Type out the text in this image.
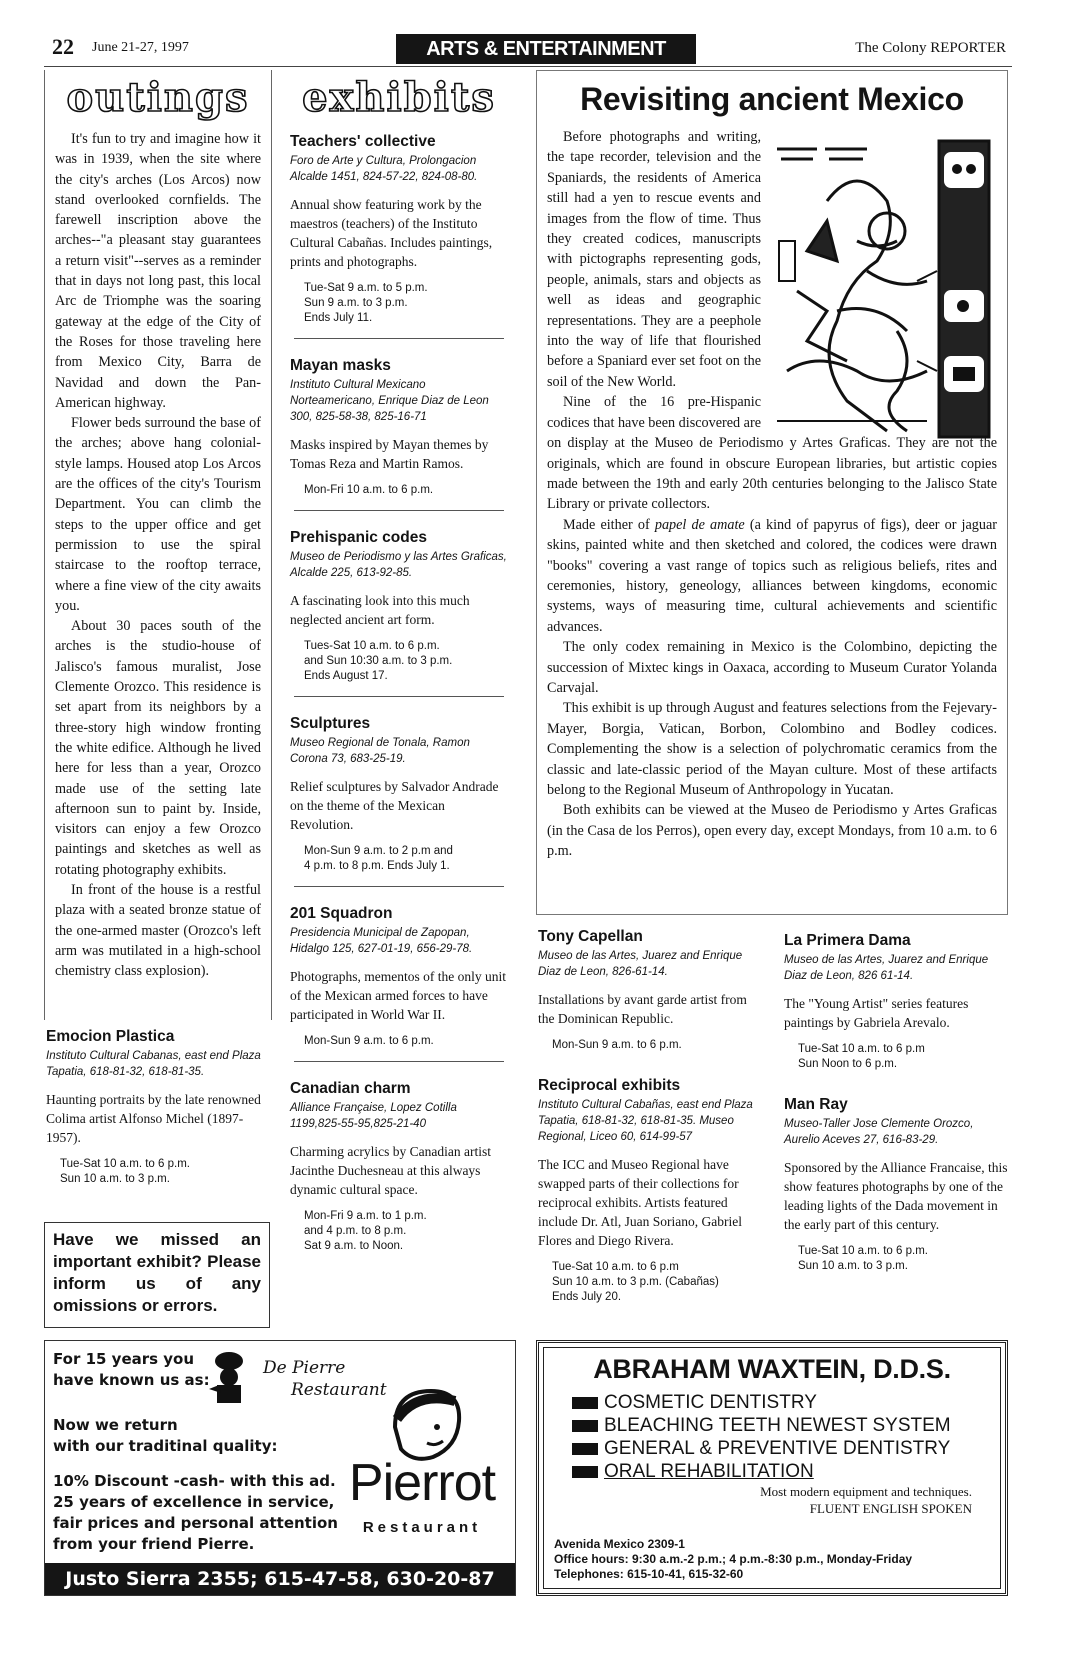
22 June 21-27, 1997	ARTS & ENTERTAINMENT	The Colony REPORTER
outings

It's fun to try and imagine how it was in 1939, when the site where the city's arches (Los Arcos) now stand overlooked cornfields. The farewell inscription above the arches--"a pleasant stay guarantees a return visit"--serves as a reminder that in days not long past, this local Arc de Triomphe was the soaring gateway at the edge of the City of the Roses for those traveling here from Mexico City, Barra de Navidad and down the Pan-American highway.

Flower beds surround the base of the arches; above hang colonial-style lamps. Housed atop Los Arcos are the offices of the city's Tourism Department. You can climb the steps to the upper office and get permission to use the spiral staircase to the rooftop terrace, where a fine view of the city awaits you.

About 30 paces south of the arches is the studio-house of Jalisco's famous muralist, Jose Clemente Orozco. This residence is set apart from its neighbors by a three-story high window fronting the white edifice. Although he lived here for less than a year, Orozco made use of the setting late afternoon sun to paint by. Inside, visitors can enjoy a few Orozco paintings and sketches as well as rotating photography exhibits.

In front of the house is a restful plaza with a seated bronze statue of the one-armed master (Orozco's left arm was mutilated in a high-school chemistry class explosion).

Emocion Plastica
Instituto Cultural Cabanas, east end Plaza Tapatia, 618-81-32, 618-81-35.
Haunting portraits by the late renowned Colima artist Alfonso Michel (1897-1957).
Tue-Sat 10 a.m. to 6 p.m.
Sun 10 a.m. to 3 p.m.
Have we missed an important exhibit? Please inform us of any omissions or errors.
exhibits
Teachers' collective
Foro de Arte y Cultura, Prolongacion Alcalde 1451, 824-57-22, 824-08-80.
Annual show featuring work by the maestros (teachers) of the Instituto Cultural Cabañas. Includes paintings, prints and photographs.
Tue-Sat 9 a.m. to 5 p.m.
Sun 9 a.m. to 3 p.m.
Ends July 11.
Mayan masks
Instituto Cultural Mexicano Norteamericano, Enrique Diaz de Leon 300, 825-58-38, 825-16-71
Masks inspired by Mayan themes by Tomas Reza and Martin Ramos.
Mon-Fri 10 a.m. to 6 p.m.
Prehispanic codes
Museo de Periodismo y las Artes Graficas, Alcalde 225, 613-92-85.
A fascinating look into this much neglected ancient art form.
Tues-Sat 10 a.m. to 6 p.m.
and Sun 10:30 a.m. to 3 p.m.
Ends August 17.
Sculptures
Museo Regional de Tonala, Ramon Corona 73, 683-25-19.
Relief sculptures by Salvador Andrade on the theme of the Mexican Revolution.
Mon-Sun 9 a.m. to 2 p.m and
4 p.m. to 8 p.m. Ends July 1.
201 Squadron
Presidencia Municipal de Zapopan, Hidalgo 125, 627-01-19, 656-29-78.
Photographs, mementos of the only unit of the Mexican armed forces to have participated in World War II.
Mon-Sun 9 a.m. to 6 p.m.
Canadian charm
Alliance Française, Lopez Cotilla 1199,825-55-95,825-21-40
Charming acrylics by Canadian artist Jacinthe Duchesneau at this always dynamic cultural space.
Mon-Fri 9 a.m. to 1 p.m.
and 4 p.m. to 8 p.m.
Sat 9 a.m. to Noon.
Revisiting ancient Mexico

Before photographs and writing, the tape recorder, television and the Spaniards, the residents of America still had a yen to rescue events and images from the flow of time. Thus they created codices, manuscripts with pictographs representing gods, people, animals, stars and objects as well as ideas and geographic representations. They are a peephole into the way of life that flourished before a Spaniard ever set foot on the soil of the New World.

Nine of the 16 pre-Hispanic codices that have been discovered are on display at the Museo de Periodismo y Artes Graficas. They are not the originals, which are found in obscure European libraries, but artistic copies made between the 19th and early 20th centuries belonging to the Jalisco State Library or private collectors.

Made either of papel de amate (a kind of papyrus of figs), deer or jaguar skins, painted white and then sketched and colored, the codices were drawn "books" covering a vast range of topics such as religious beliefs, rites and ceremonies, history, geneology, alliances between kingdoms, economic systems, ways of measuring time, cultural achievements and scientific advances.

The only codex remaining in Mexico is the Colombino, depicting the succession of Mixtec kings in Oaxaca, according to Museum Curator Yolanda Carvajal.

This exhibit is up through August and features selections from the Fejevary-Mayer, Borgia, Vatican, Borbon, Colombino and Bodley codices. Complementing the show is a selection of polychromatic ceramics from the classic and late-classic period of the Mayan culture. Most of these artifacts belong to the Regional Museum of Anthropology in Yucatan.

Both exhibits can be viewed at the Museo de Periodismo y Artes Graficas (in the Casa de los Perros), open every day, except Mondays, from 10 a.m. to 6 p.m.

Tony Capellan
Museo de las Artes, Juarez and Enrique Diaz de Leon, 826-61-14.
Installations by avant garde artist from the Dominican Republic.
Mon-Sun 9 a.m. to 6 p.m.
Reciprocal exhibits
Instituto Cultural Cabañas, east end Plaza Tapatia, 618-81-32, 618-81-35. Museo Regional, Liceo 60, 614-99-57
The ICC and Museo Regional have swapped parts of their collections for reciprocal exhibits. Artists featured include Dr. Atl, Juan Soriano, Gabriel Flores and Diego Rivera.
Tue-Sat 10 a.m. to 6 p.m
Sun 10 a.m. to 3 p.m. (Cabañas)
Ends July 20.
La Primera Dama
Museo de las Artes, Juarez and Enrique Diaz de Leon, 826 61-14.
The "Young Artist" series features paintings by Gabriela Arevalo.
Tue-Sat 10 a.m. to 6 p.m
Sun Noon to 6 p.m.
Man Ray
Museo-Taller Jose Clemente Orozco, Aurelio Aceves 27, 616-83-29.
Sponsored by the Alliance Francaise, this show features photographs by one of the leading lights of the Dada movement in the early part of this century.
Tue-Sat 10 a.m. to 6 p.m.
Sun 10 a.m. to 3 p.m.
For 15 years you
have known us as:
De Pierre
Restaurant
Now we return
with our traditinal quality:
10% Discount -cash- with this ad.
25 years of excellence in service,
fair prices and personal attention
from your friend Pierre.
Pierrot
Restaurant
Justo Sierra 2355; 615-47-58, 630-20-87
ABRAHAM WAXTEIN, D.D.S.
COSMETIC DENTISTRY
BLEACHING TEETH NEWEST SYSTEM
GENERAL & PREVENTIVE DENTISTRY
ORAL REHABILITATION
Most modern equipment and techniques.
FLUENT ENGLISH SPOKEN
Avenida Mexico 2309-1
Office hours: 9:30 a.m.-2 p.m.; 4 p.m.-8:30 p.m., Monday-Friday
Telephones: 615-10-41, 615-32-60
